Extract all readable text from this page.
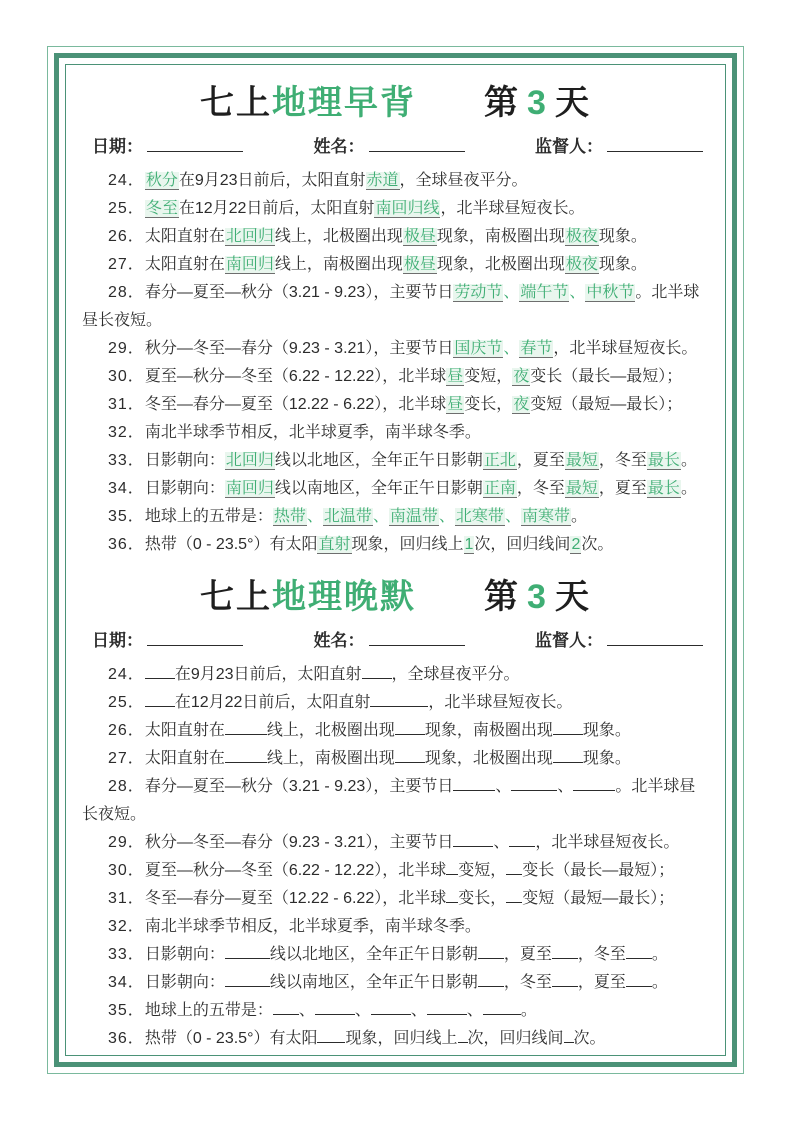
七上地理早背 第 3 天
日期：	姓名：	监督人：
24．秋分在9月23日前后，太阳直射赤道，全球昼夜平分。
25．冬至在12月22日前后，太阳直射南回归线，北半球昼短夜长。
26．太阳直射在北回归线上，北极圈出现极昼现象，南极圈出现极夜现象。
27．太阳直射在南回归线上，南极圈出现极昼现象，北极圈出现极夜现象。
28．春分—夏至—秋分（3.21 - 9.23），主要节日劳动节、端午节、中秋节。北半球昼长夜短。
29．秋分—冬至—春分（9.23 - 3.21），主要节日国庆节、春节，北半球昼短夜长。
30．夏至—秋分—冬至（6.22 - 12.22），北半球昼变短，夜变长（最长—最短）；
31．冬至—春分—夏至（12.22 - 6.22），北半球昼变长，夜变短（最短—最长）；
32．南北半球季节相反，北半球夏季，南半球冬季。
33．日影朝向：北回归线以北地区，全年正午日影朝正北，夏至最短，冬至最长。
34．日影朝向：南回归线以南地区，全年正午日影朝正南，冬至最短，夏至最长。
35．地球上的五带是：热带、北温带、南温带、北寒带、南寒带。
36．热带（0 - 23.5°）有太阳直射现象，回归线上1次，回归线间2次。
七上地理晚默 第 3 天
日期：	姓名：	监督人：
24． 在9月23日前后，太阳直射 ，全球昼夜平分。
25． 在12月22日前后，太阳直射	，北半球昼短夜长。
26．太阳直射在	线上，北极圈出现 现象，南极圈出现 现象。
27．太阳直射在	线上，南极圈出现 现象，北极圈出现 现象。
28．春分—夏至—秋分（3.21 - 9.23），主要节日	、	、	。北半球昼长夜短。
29．秋分—冬至—春分（9.23 - 3.21），主要节日	、 ，北半球昼短夜长。
30．夏至—秋分—冬至（6.22 - 12.22），北半球 变短， 变长（最长—最短）；
31．冬至—春分—夏至（12.22 - 6.22），北半球 变长， 变短（最短—最长）；
32．南北半球季节相反，北半球夏季，南半球冬季。
33．日影朝向：	线以北地区，全年正午日影朝 ，夏至 ，冬至 。
34．日影朝向：	线以南地区，全年正午日影朝 ，冬至 ，夏至 。
35．地球上的五带是： 、	、	、	、 。
36．热带（0 - 23.5°）有太阳 现象，回归线上 次，回归线间 次。
